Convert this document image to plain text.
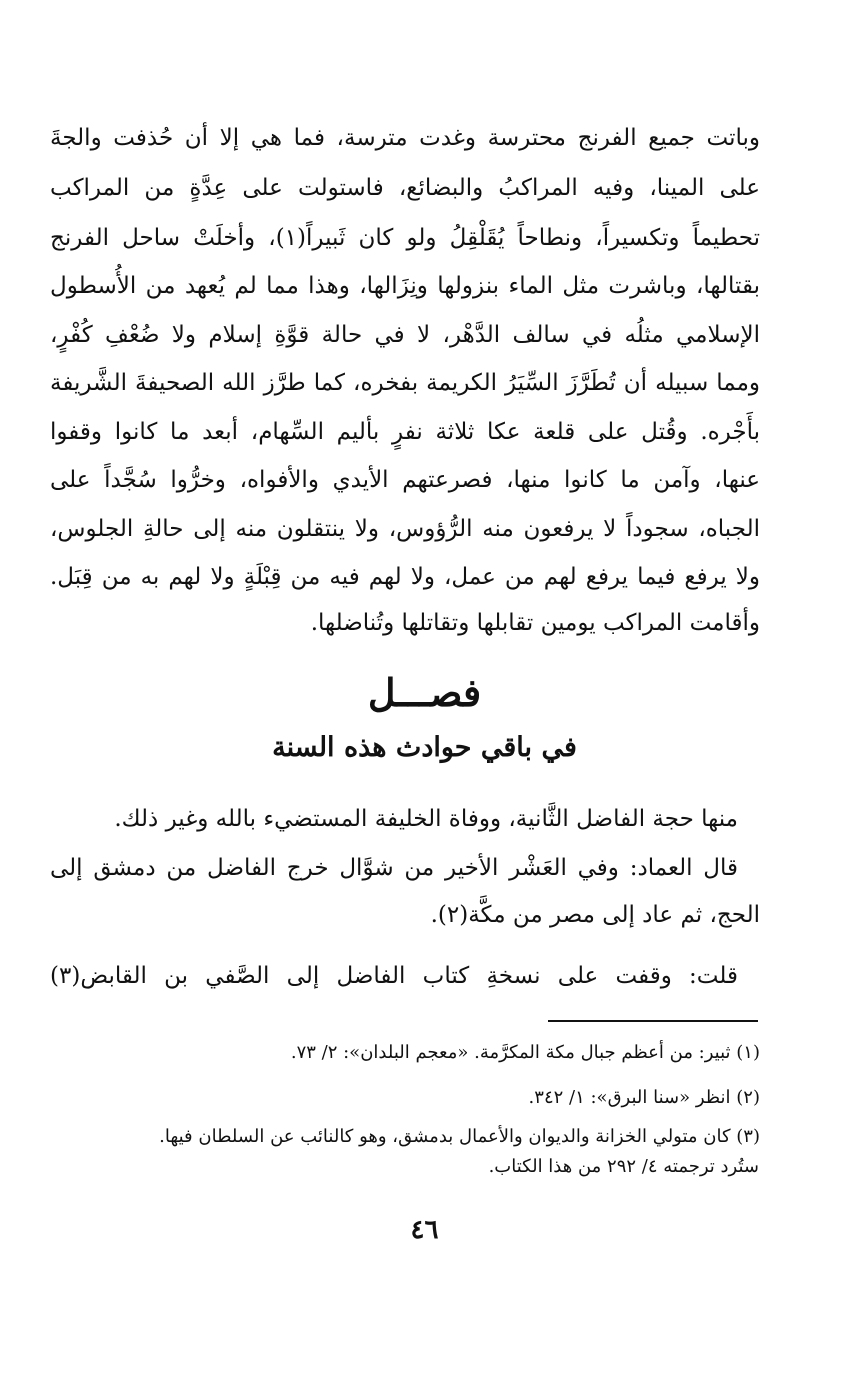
وباتت جميع الفرنج محترسة وغدت مترسة، فما هي إلا أن حُذفت والجةَ
على المينا، وفيه المراكبُ والبضائع، فاستولت على عِدَّةٍ من المراكب
تحطيماً وتكسيراً، ونطاحاً يُقَلْقِلُ ولو كان ثَبيراً(١)، وأخلَتْ ساحل الفرنج
بقتالها، وباشرت مثل الماء بنزولها ونِزَالها، وهذا مما لم يُعهد من الأُسطول
الإسلامي مثلُه في سالف الدَّهْر، لا في حالة قوَّةِ إسلام ولا ضُعْفِ كُفْرٍ،
ومما سبيله أن تُطَرَّزَ السِّيَرُ الكريمة بفخره، كما طرَّز الله الصحيفةَ الشَّريفة
بأَجْره. وقُتل على قلعة عكا ثلاثة نفرٍ بأليم السِّهام، أبعد ما كانوا وقفوا
عنها، وآمن ما كانوا منها، فصرعتهم الأيدي والأفواه، وخرُّوا سُجَّداً على
الجباه، سجوداً لا يرفعون منه الرُّؤوس، ولا ينتقلون منه إلى حالةِ الجلوس،
ولا يرفع فيما يرفع لهم من عمل، ولا لهم فيه من قِبْلَةٍ ولا لهم به من قِبَل.
وأقامت المراكب يومين تقابلها وتقاتلها وتُناضلها.
فصـــل
في باقي حوادث هذه السنة
منها حجة الفاضل الثَّانية، ووفاة الخليفة المستضيء بالله وغير ذلك.
قال العماد: وفي العَشْر الأخير من شوَّال خرج الفاضل من دمشق إلى
الحج، ثم عاد إلى مصر من مكَّة(٢).
قلت: وقفت على نسخةِ كتاب الفاضل إلى الصَّفي بن القابض(٣)
(١) ثبير: من أعظم جبال مكة المكرَّمة. «معجم البلدان»: ٢/ ٧٣.
(٢) انظر «سنا البرق»: ١/ ٣٤٢.
(٣) كان متولي الخزانة والديوان والأعمال بدمشق، وهو كالنائب عن السلطان فيها.
ستُرد ترجمته ٤/ ٢٩٢ من هذا الكتاب.
٤٦
